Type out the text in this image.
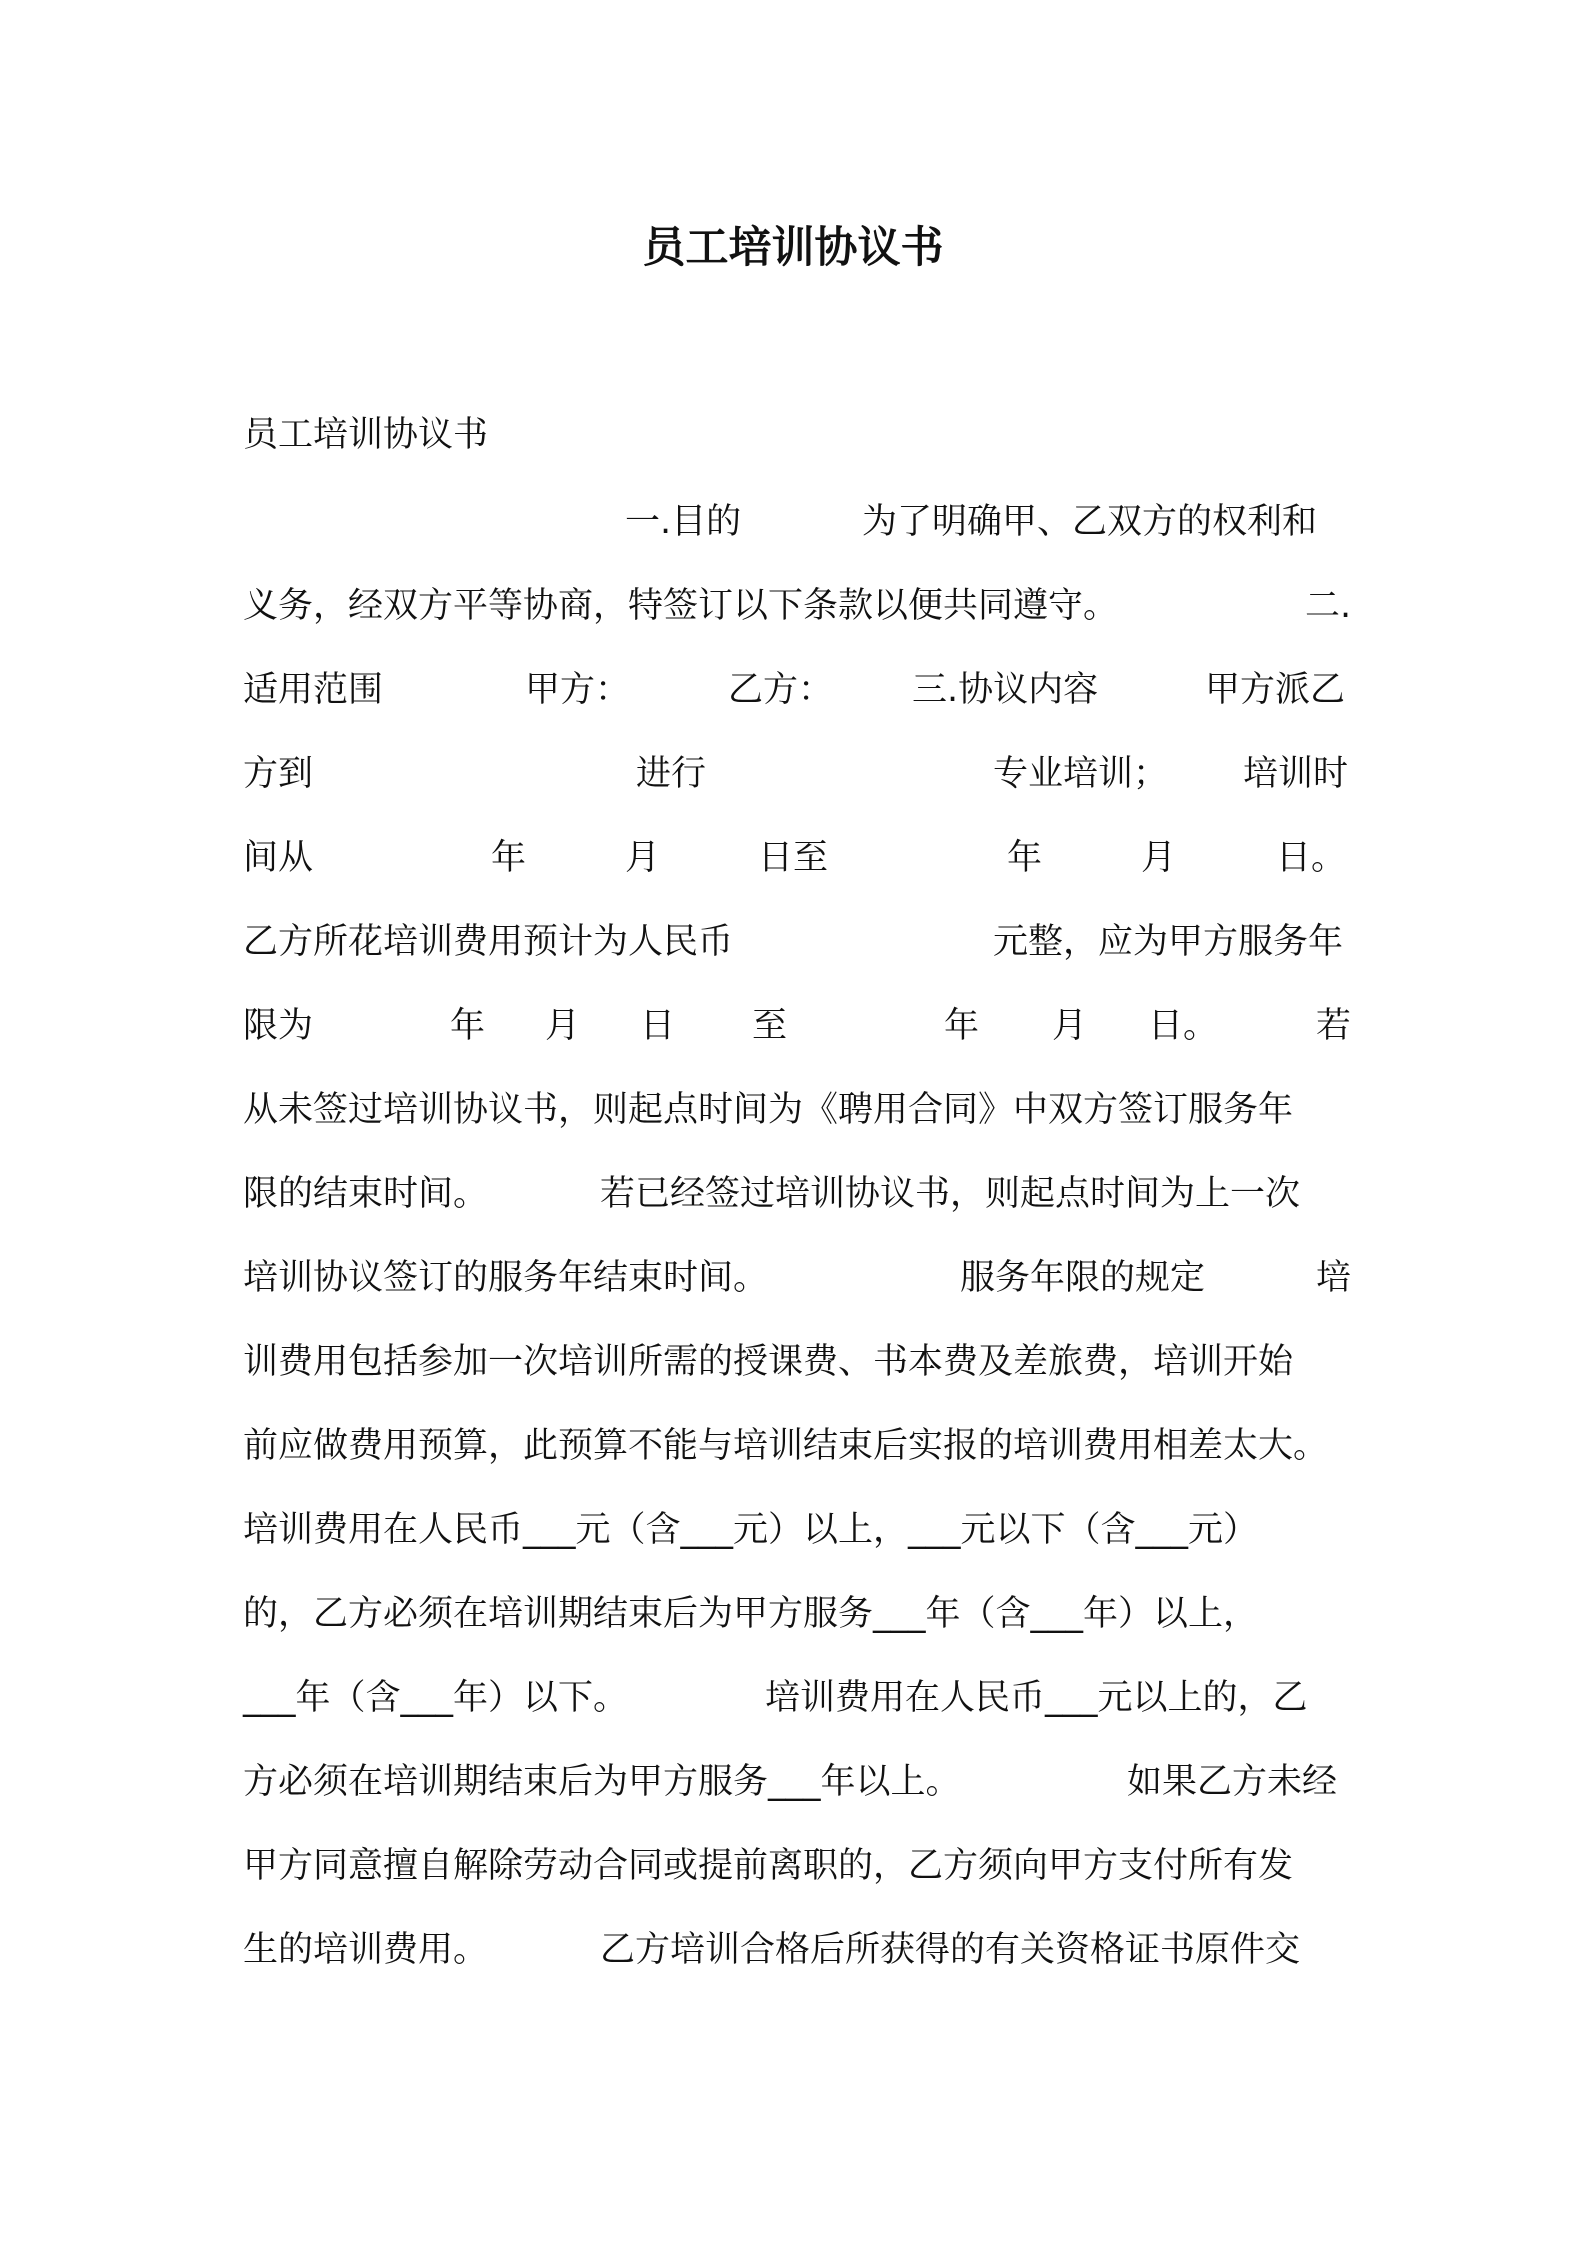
员工培训协议书
员工培训协议书
一.目的	为了明确甲、乙双方的权利和
义务，经双方平等协商，特签订以下条款以便共同遵守。	二.
适用范围	甲方：	乙方： 三.协议内容	甲方派乙
方到	进行	专业培训； 培训时
间从	年	月	日至	年	月	日。
乙方所花培训费用预计为人民币	元整，应为甲方服务年
限为	年 月 日 至	年 月 日。	若
从未签过培训协议书，则起点时间为《聘用合同》中双方签订服务年
限的结束时间。	若已经签过培训协议书，则起点时间为上一次
培训协议签订的服务年结束时间。	服务年限的规定	培
训费用包括参加一次培训所需的授课费、书本费及差旅费，培训开始
前应做费用预算，此预算不能与培训结束后实报的培训费用相差太大。
培训费用在人民币___元（含___元）以上，___元以下（含___元）
的，乙方必须在培训期结束后为甲方服务___年（含___年）以上，
___年（含___年）以下。	培训费用在人民币___元以上的，乙
方必须在培训期结束后为甲方服务___年以上。	如果乙方未经
甲方同意擅自解除劳动合同或提前离职的，乙方须向甲方支付所有发
生的培训费用。	乙方培训合格后所获得的有关资格证书原件交
